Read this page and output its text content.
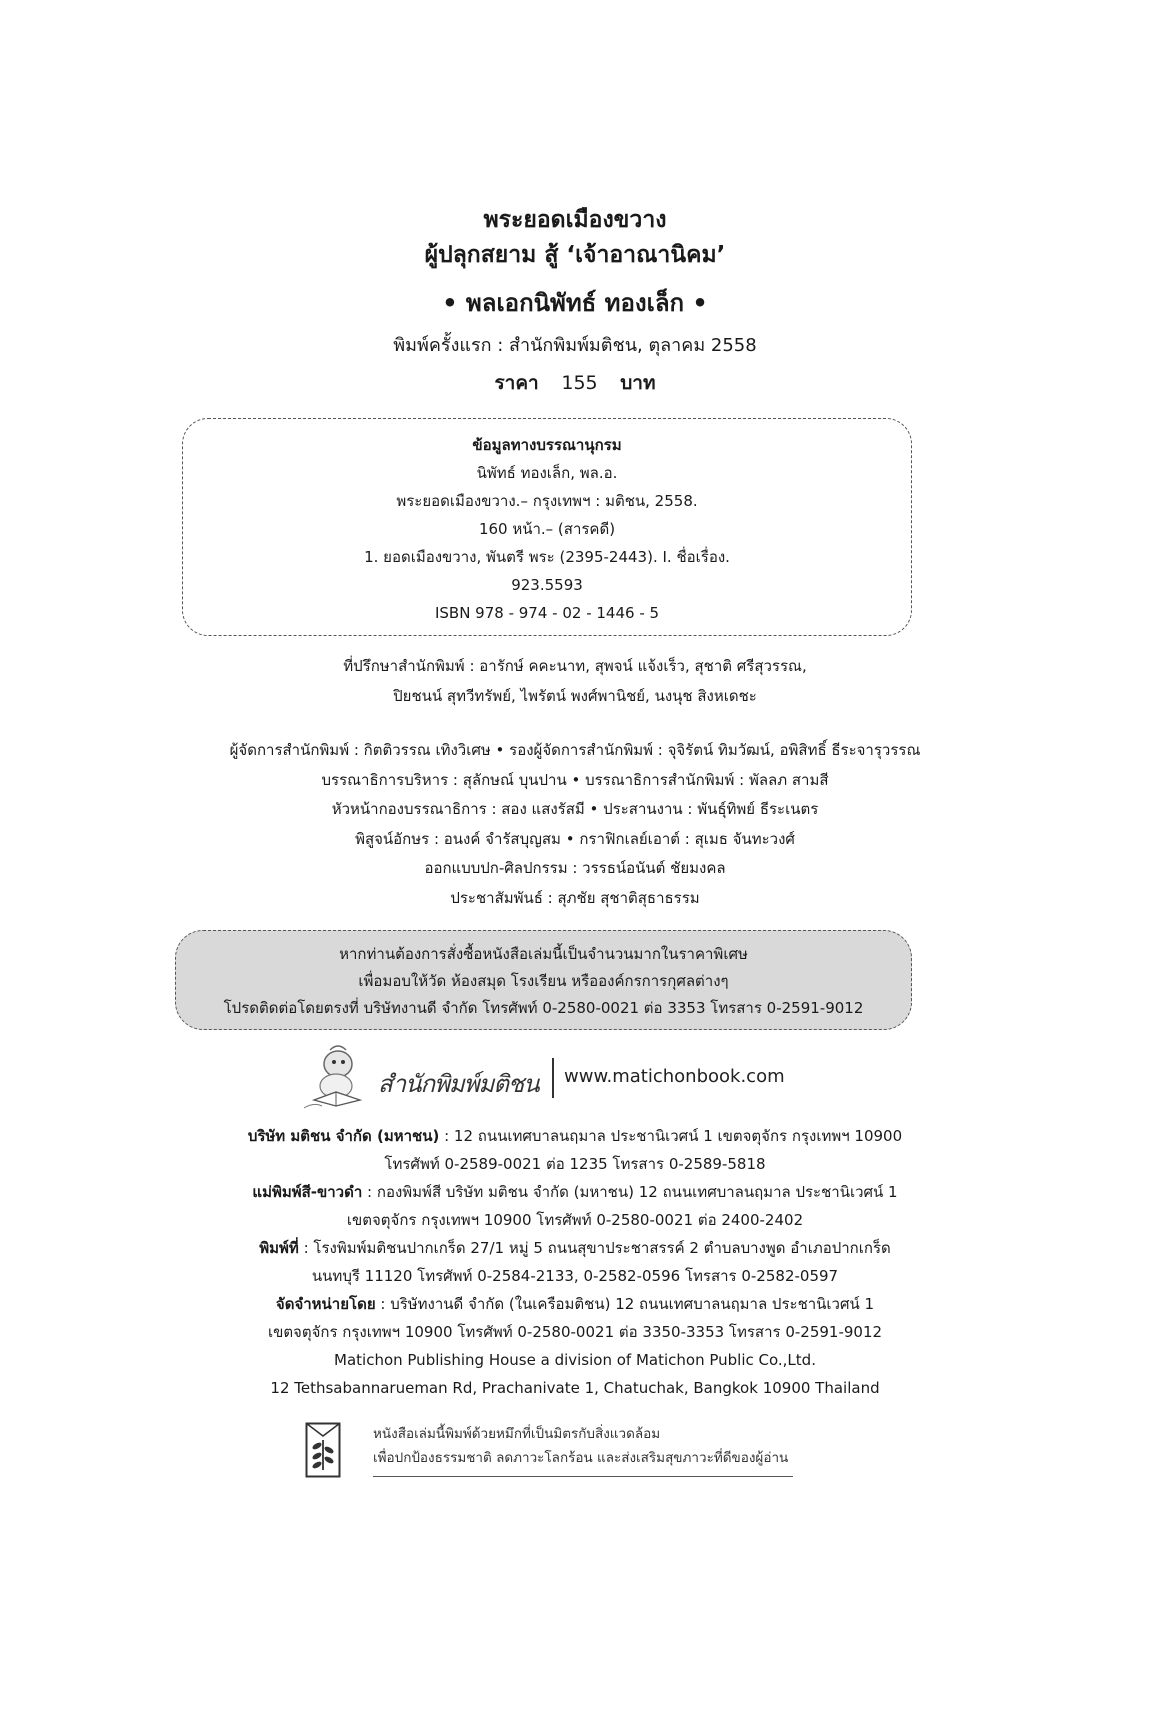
พระยอดเมืองขวาง
ผู้ปลุกสยาม สู้ ‘เจ้าอาณานิคม’
• พลเอกนิพัทธ์ ทองเล็ก •
พิมพ์ครั้งแรก : สำนักพิมพ์มติชน, ตุลาคม 2558
ราคา 155 บาท
ข้อมูลทางบรรณานุกรม
นิพัทธ์ ทองเล็ก, พล.อ.
พระยอดเมืองขวาง.– กรุงเทพฯ : มติชน, 2558.
160 หน้า.– (สารคดี)
1. ยอดเมืองขวาง, พันตรี พระ (2395-2443). I. ชื่อเรื่อง.
923.5593
ISBN 978 - 974 - 02 - 1446 - 5
ที่ปรึกษาสำนักพิมพ์ : อารักษ์ คคะนาท, สุพจน์ แจ้งเร็ว, สุชาติ ศรีสุวรรณ,
ปิยชนน์ สุทวีทรัพย์, ไพรัตน์ พงศ์พานิชย์, นงนุช สิงหเดชะ
ผู้จัดการสำนักพิมพ์ : กิตติวรรณ เทิงวิเศษ • รองผู้จัดการสำนักพิมพ์ : จุจิรัตน์ ทิมวัฒน์, อพิสิทธิ์ ธีระจารุวรรณ
บรรณาธิการบริหาร : สุลักษณ์ บุนปาน • บรรณาธิการสำนักพิมพ์ : พัลลภ สามสี
หัวหน้ากองบรรณาธิการ : สอง แสงรัสมี • ประสานงาน : พันธุ์ทิพย์ ธีระเนตร
พิสูจน์อักษร : อนงค์ จำรัสบุญสม • กราฟิกเลย์เอาต์ : สุเมธ จันทะวงศ์
ออกแบบปก-ศิลปกรรม : วรรธน์อนันต์ ชัยมงคล
ประชาสัมพันธ์ : สุภชัย สุชาติสุธาธรรม
หากท่านต้องการสั่งซื้อหนังสือเล่มนี้เป็นจำนวนมากในราคาพิเศษ
เพื่อมอบให้วัด ห้องสมุด โรงเรียน หรือองค์กรการกุศลต่างๆ
โปรดติดต่อโดยตรงที่ บริษัทงานดี จำกัด โทรศัพท์ 0-2580-0021 ต่อ 3353 โทรสาร 0-2591-9012
สำนักพิมพ์มติชน www.matichonbook.com
บริษัท มติชน จำกัด (มหาชน) : 12 ถนนเทศบาลนฤมาล ประชานิเวศน์ 1 เขตจตุจักร กรุงเทพฯ 10900
โทรศัพท์ 0-2589-0021 ต่อ 1235 โทรสาร 0-2589-5818
แม่พิมพ์สี-ขาวดำ : กองพิมพ์สี บริษัท มติชน จำกัด (มหาชน) 12 ถนนเทศบาลนฤมาล ประชานิเวศน์ 1
เขตจตุจักร กรุงเทพฯ 10900 โทรศัพท์ 0-2580-0021 ต่อ 2400-2402
พิมพ์ที่ : โรงพิมพ์มติชนปากเกร็ด 27/1 หมู่ 5 ถนนสุขาประชาสรรค์ 2 ตำบลบางพูด อำเภอปากเกร็ด
นนทบุรี 11120 โทรศัพท์ 0-2584-2133, 0-2582-0596 โทรสาร 0-2582-0597
จัดจำหน่ายโดย : บริษัทงานดี จำกัด (ในเครือมติชน) 12 ถนนเทศบาลนฤมาล ประชานิเวศน์ 1
เขตจตุจักร กรุงเทพฯ 10900 โทรศัพท์ 0-2580-0021 ต่อ 3350-3353 โทรสาร 0-2591-9012
Matichon Publishing House a division of Matichon Public Co.,Ltd.
12 Tethsabannarueman Rd, Prachanivate 1, Chatuchak, Bangkok 10900 Thailand
หนังสือเล่มนี้พิมพ์ด้วยหมึกที่เป็นมิตรกับสิ่งแวดล้อม
เพื่อปกป้องธรรมชาติ ลดภาวะโลกร้อน และส่งเสริมสุขภาวะที่ดีของผู้อ่าน
